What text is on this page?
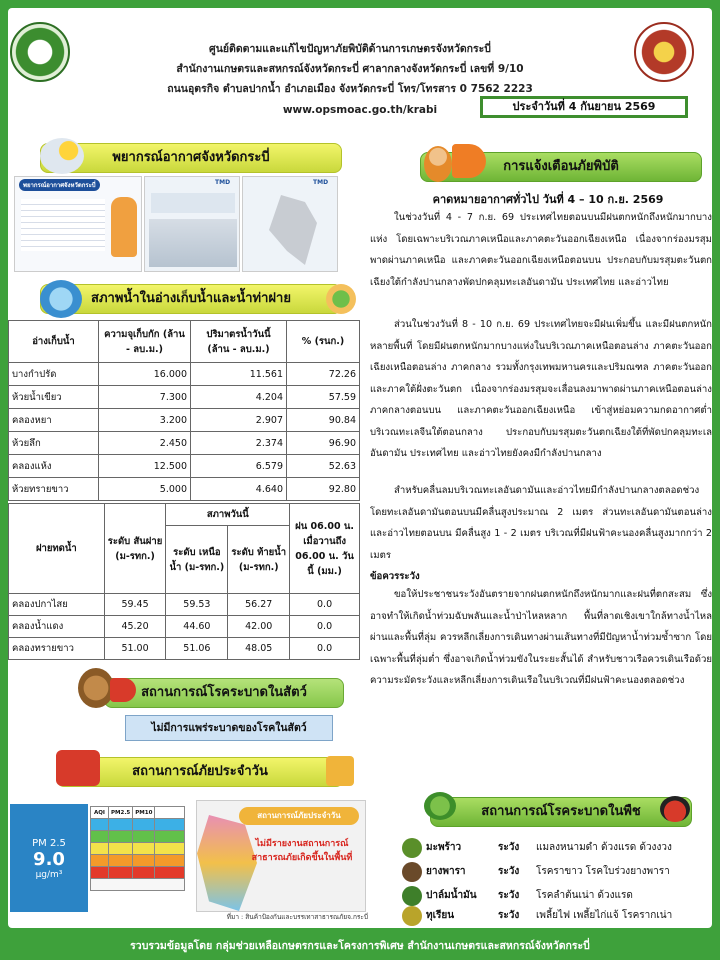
ศูนย์ติดตามและแก้ไขปัญหาภัยพิบัติด้านการเกษตรจังหวัดกระบี่
สำนักงานเกษตรและสหกรณ์จังหวัดกระบี่ ศาลากลางจังหวัดกระบี่ เลขที่ 9/10
ถนนอุตรกิจ ตำบลปากน้ำ อำเภอเมือง จังหวัดกระบี่ โทร/โทรสาร 0 7562 2223
www.opsmoac.go.th/krabi	ประจำวันที่ 4 กันยายน 2569
พยากรณ์อากาศจังหวัดกระบี่
พยากรณ์อากาศจังหวัดกระบี่	TMD	TMD
สภาพน้ำในอ่างเก็บน้ำและน้ำท่าฝาย
อ่างเก็บน้ำ	ความจุเก็บกัก (ล้าน - ลบ.ม.)	ปริมาตรน้ำวันนี้ (ล้าน - ลบ.ม.)	% (รนก.)
บางกำปรัด	16.000	11.561	72.26
ห้วยน้ำเขียว	7.300	4.204	57.59
คลองหยา	3.200	2.907	90.84
ห้วยลึก	2.450	2.374	96.90
คลองแห้ง	12.500	6.579	52.63
ห้วยทรายขาว	5.000	4.640	92.80
ฝายทดน้ำ	ระดับ สันฝาย (ม-รทก.)	สภาพวันนี้		ฝน 06.00 น. เมื่อวานถึง 06.00 น. วันนี้ (มม.)
		ระดับ เหนือน้ำ (ม-รทก.)	ระดับ ท้ายน้ำ (ม-รทก.)	
คลองปกาไสย	59.45	59.53	56.27	0.0
คลองน้ำแดง	45.20	44.60	42.00	0.0
คลองทรายขาว	51.00	51.06	48.05	0.0
สถานการณ์โรคระบาดในสัตว์
ไม่มีการแพร่ระบาดของโรคในสัตว์
สถานการณ์ภัยประจำวัน
PM 2.5
9.0
μg/m³
AQI	PM2.5	PM10	

				สถานการณ์ภัยประจำวัน
ไม่มีรายงานสถานการณ์ สาธารณภัยเกิดขึ้นในพื้นที่
ที่มา : สินค้าป้องกันและบรรเทาสาธารณภัยจ.กระบี่
การแจ้งเตือนภัยพิบัติ
คาดหมายอากาศทั่วไป วันที่ 4 – 10 ก.ย. 2569
ในช่วงวันที่ 4 - 7 ก.ย. 69 ประเทศไทยตอนบนมีฝนตกหนักถึงหนักมากบางแห่ง โดยเฉพาะบริเวณภาคเหนือและภาคตะวันออกเฉียงเหนือ เนื่องจากร่องมรสุมพาดผ่านภาคเหนือ และภาคตะวันออกเฉียงเหนือตอนบน ประกอบกับมรสุมตะวันตกเฉียงใต้กำลังปานกลางพัดปกคลุมทะเลอันดามัน ประเทศไทย และอ่าวไทย
ส่วนในช่วงวันที่ 8 - 10 ก.ย. 69 ประเทศไทยจะมีฝนเพิ่มขึ้น และมีฝนตกหนักหลายพื้นที่ โดยมีฝนตกหนักมากบางแห่งในบริเวณภาคเหนือตอนล่าง ภาคตะวันออกเฉียงเหนือตอนล่าง ภาคกลาง รวมทั้งกรุงเทพมหานครและปริมณฑล ภาคตะวันออก และภาคใต้ฝั่งตะวันตก เนื่องจากร่องมรสุมจะเลื่อนลงมาพาดผ่านภาคเหนือตอนล่าง ภาคกลางตอนบน และภาคตะวันออกเฉียงเหนือ เข้าสู่หย่อมความกดอากาศต่ำบริเวณทะเลจีนใต้ตอนกลาง ประกอบกับมรสุมตะวันตกเฉียงใต้ที่พัดปกคลุมทะเลอันดามัน ประเทศไทย และอ่าวไทยยังคงมีกำลังปานกลาง
สำหรับคลื่นลมบริเวณทะเลอันดามันและอ่าวไทยมีกำลังปานกลางตลอดช่วง โดยทะเลอันดามันตอนบนมีคลื่นสูงประมาณ 2 เมตร ส่วนทะเลอันดามันตอนล่าง และอ่าวไทยตอนบน มีคลื่นสูง 1 - 2 เมตร บริเวณที่มีฝนฟ้าคะนองคลื่นสูงมากกว่า 2 เมตร
ข้อควรระวัง
ขอให้ประชาชนระวังอันตรายจากฝนตกหนักถึงหนักมากและฝนที่ตกสะสม ซึ่งอาจทำให้เกิดน้ำท่วมฉับพลันและน้ำป่าไหลหลาก พื้นที่ลาดเชิงเขาใกล้ทางน้ำไหลผ่านและพื้นที่ลุ่ม ควรหลีกเลี่ยงการเดินทางผ่านเส้นทางที่มีปัญหาน้ำท่วมซ้ำซาก โดยเฉพาะพื้นที่ลุ่มต่ำ ซึ่งอาจเกิดน้ำท่วมขังในระยะสั้นได้ สำหรับชาวเรือควรเดินเรือด้วยความระมัดระวังและหลีกเลี่ยงการเดินเรือในบริเวณที่มีฝนฟ้าคะนองตลอดช่วง
สถานการณ์โรคระบาดในพืช
มะพร้าว	ระวัง	แมลงหนามดำ ด้วงแรด ด้วงงวง
ยางพารา	ระวัง	โรคราขาว โรคใบร่วงยางพารา
ปาล์มน้ำมัน	ระวัง	โรคลำต้นเน่า ด้วงแรด
ทุเรียน	ระวัง	เพลี้ยไฟ เพลี้ยไก่แจ้ โรครากเน่า
รวบรวมข้อมูลโดย กลุ่มช่วยเหลือเกษตรกรและโครงการพิเศษ สำนักงานเกษตรและสหกรณ์จังหวัดกระบี่
